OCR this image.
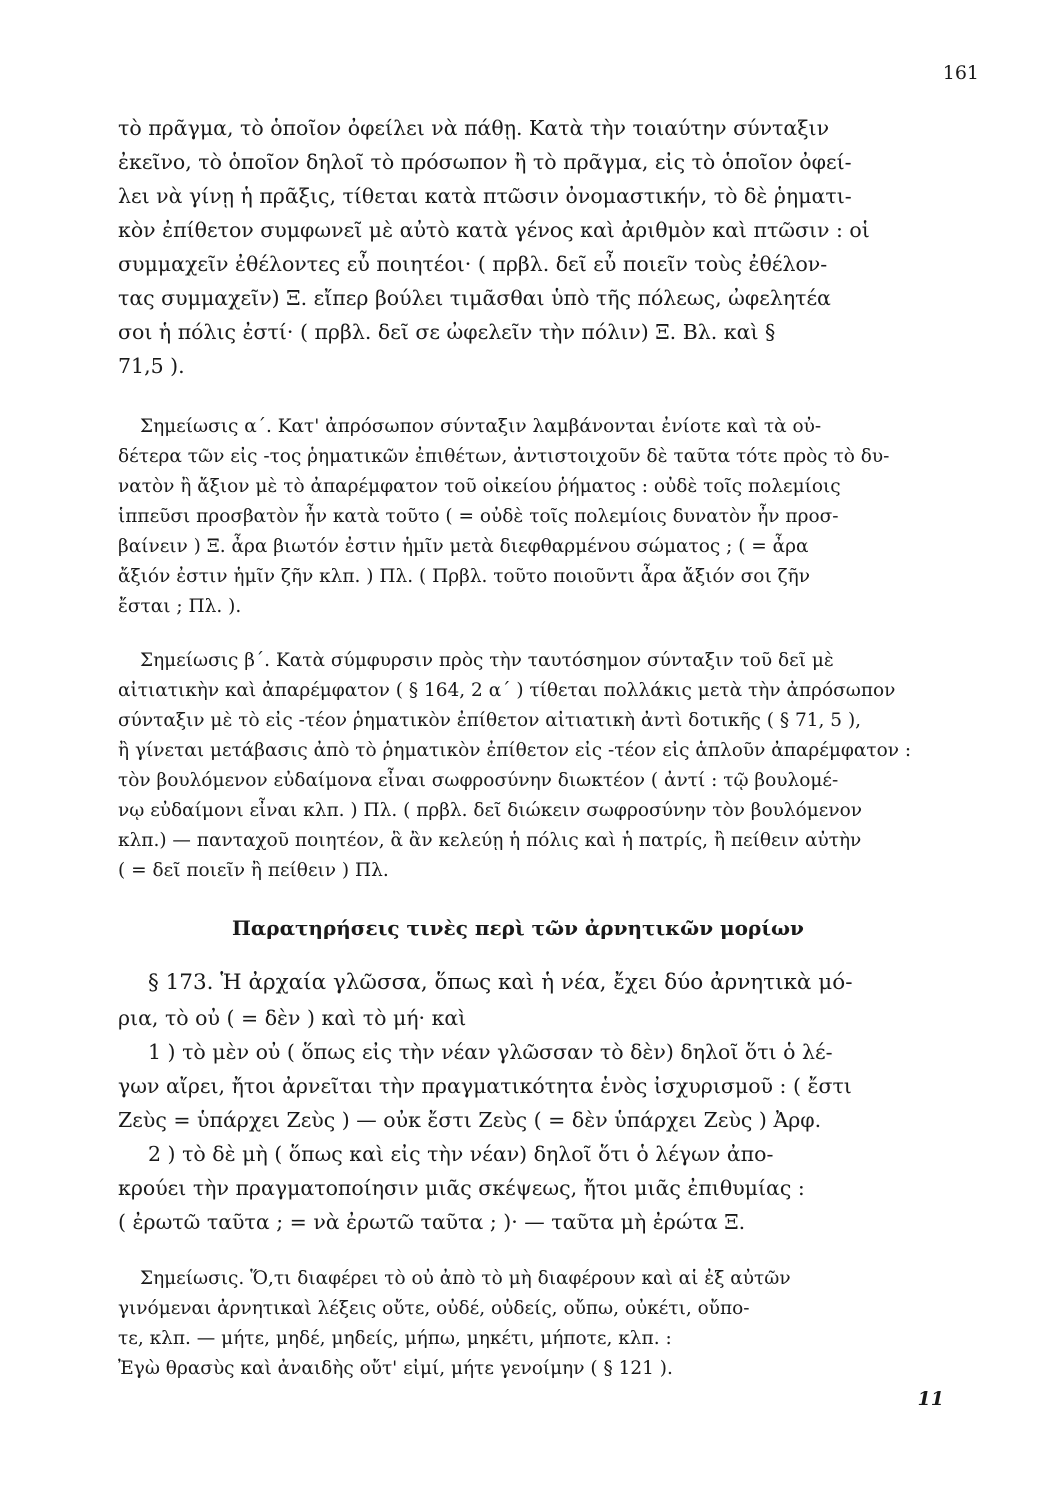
161
τὸ πρᾶγμα, τὸ ὁποῖον ὀφείλει νὰ πάθῃ. Κατὰ τὴν τοιαύτην σύνταξιν
ἐκεῖνο, τὸ ὁποῖον δηλοῖ τὸ πρόσωπον ἢ τὸ πρᾶγμα, εἰς τὸ ὁποῖον ὀφεί-
λει νὰ γίνῃ ἡ πρᾶξις, τίθεται κατὰ πτῶσιν ὀνομαστικήν, τὸ δὲ ῥηματι-
κὸν ἐπίθετον συμφωνεῖ μὲ αὐτὸ κατὰ γένος καὶ ἀριθμὸν καὶ πτῶσιν : οἱ
συμμαχεῖν ἐθέλοντες εὖ ποιητέοι· ( πρβλ. δεῖ εὖ ποιεῖν τοὺς ἐθέλον-
τας συμμαχεῖν) Ξ. εἴπερ βούλει τιμᾶσθαι ὑπὸ τῆς πόλεως, ὠφελητέα
σοι ἡ πόλις ἐστί· ( πρβλ. δεῖ σε ὠφελεῖν τὴν πόλιν) Ξ. Βλ. καὶ §
71,5 ).
Σημείωσις α΄. Κατ' ἀπρόσωπον σύνταξιν λαμβάνονται ἐνίοτε καὶ τὰ οὐ-
δέτερα τῶν εἰς -τος ῥηματικῶν ἐπιθέτων, ἀντιστοιχοῦν δὲ ταῦτα τότε πρὸς τὸ δυ-
νατὸν ἢ ἄξιον μὲ τὸ ἀπαρέμφατον τοῦ οἰκείου ῥήματος : οὐδὲ τοῖς πολεμίοις
ἱππεῦσι προσβατὸν ἦν κατὰ τοῦτο ( = οὐδὲ τοῖς πολεμίοις δυνατὸν ἦν προσ-
βαίνειν ) Ξ. ἆρα βιωτόν ἐστιν ἡμῖν μετὰ διεφθαρμένου σώματος ; ( = ἆρα
ἄξιόν ἐστιν ἡμῖν ζῆν κλπ. ) Πλ. ( Πρβλ. τοῦτο ποιοῦντι ἆρα ἄξιόν σοι ζῆν
ἔσται ; Πλ. ).
Σημείωσις β΄. Κατὰ σύμφυρσιν πρὸς τὴν ταυτόσημον σύνταξιν τοῦ δεῖ μὲ
αἰτιατικὴν καὶ ἀπαρέμφατον ( § 164, 2 α΄ ) τίθεται πολλάκις μετὰ τὴν ἀπρόσωπον
σύνταξιν μὲ τὸ εἰς -τέον ῥηματικὸν ἐπίθετον αἰτιατικὴ ἀντὶ δοτικῆς ( § 71, 5 ),
ἢ γίνεται μετάβασις ἀπὸ τὸ ῥηματικὸν ἐπίθετον εἰς -τέον εἰς ἁπλοῦν ἀπαρέμφατον :
τὸν βουλόμενον εὐδαίμονα εἶναι σωφροσύνην διωκτέον ( ἀντί : τῷ βουλομέ-
νῳ εὐδαίμονι εἶναι κλπ. ) Πλ. ( πρβλ. δεῖ διώκειν σωφροσύνην τὸν βουλόμενον
κλπ.) — πανταχοῦ ποιητέον, ἃ ἂν κελεύῃ ἡ πόλις καὶ ἡ πατρίς, ἢ πείθειν αὐτὴν
( = δεῖ ποιεῖν ἢ πείθειν ) Πλ.
Παρατηρήσεις τινὲς περὶ τῶν ἀρνητικῶν μορίων
§ 173. Ἡ ἀρχαία γλῶσσα, ὅπως καὶ ἡ νέα, ἔχει δύο ἀρνητικὰ μό-
ρια, τὸ οὐ ( = δὲν ) καὶ τὸ μή· καὶ
1 ) τὸ μὲν οὐ ( ὅπως εἰς τὴν νέαν γλῶσσαν τὸ δὲν) δηλοῖ ὅτι ὁ λέ-
γων αἴρει, ἤτοι ἀρνεῖται τὴν πραγματικότητα ἑνὸς ἰσχυρισμοῦ : ( ἔστι
Ζεὺς = ὑπάρχει Ζεὺς ) — οὐκ ἔστι Ζεὺς ( = δὲν ὑπάρχει Ζεὺς ) Ἀρφ.
2 ) τὸ δὲ μὴ ( ὅπως καὶ εἰς τὴν νέαν) δηλοῖ ὅτι ὁ λέγων ἀπο-
κρούει τὴν πραγματοποίησιν μιᾶς σκέψεως, ἤτοι μιᾶς ἐπιθυμίας :
( ἐρωτῶ ταῦτα ; = νὰ ἐρωτῶ ταῦτα ; )· — ταῦτα μὴ ἐρώτα Ξ.
Σημείωσις. Ὅ,τι διαφέρει τὸ οὐ ἀπὸ τὸ μὴ διαφέρουν καὶ αἱ ἐξ αὐτῶν
γινόμεναι ἀρνητικαὶ λέξεις οὔτε, οὐδέ, οὐδείς, οὔπω, οὐκέτι, οὔπο-
τε, κλπ. — μήτε, μηδέ, μηδείς, μήπω, μηκέτι, μήποτε, κλπ. :
Ἐγὼ θρασὺς καὶ ἀναιδὴς οὔτ' εἰμί, μήτε γενοίμην ( § 121 ).
11
